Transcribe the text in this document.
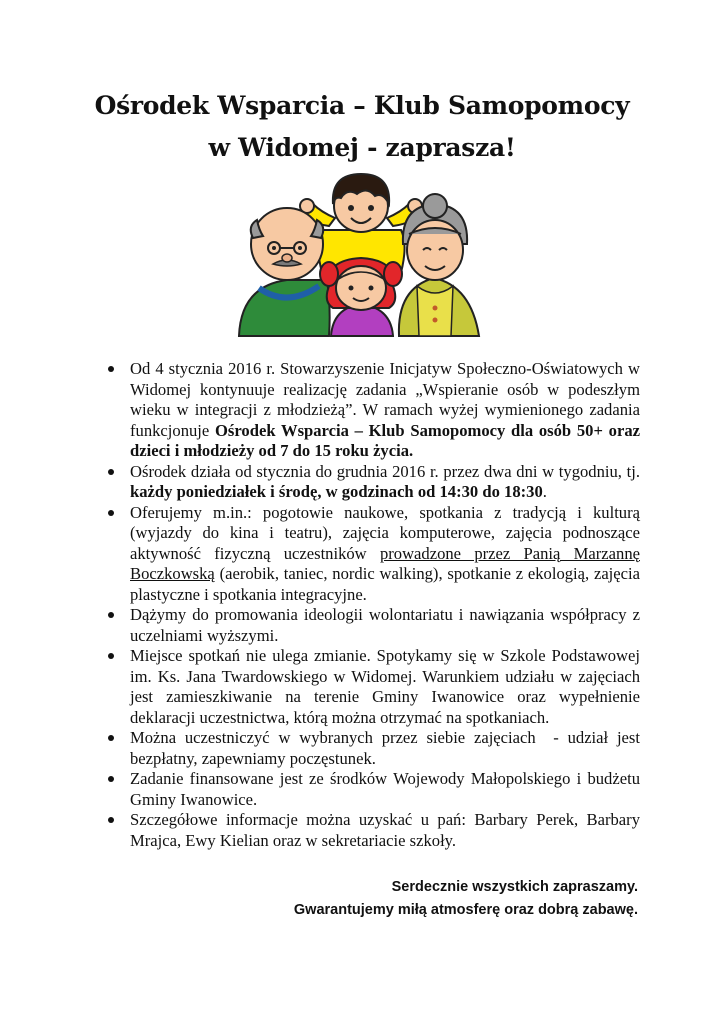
Ośrodek Wsparcia – Klub Samopomocy
w Widomej - zaprasza!
Od 4 stycznia 2016 r. Stowarzyszenie Inicjatyw Społeczno-Oświatowych w Widomej kontynuuje realizację zadania „Wspieranie osób w podeszłym wieku w integracji z młodzieżą”. W ramach wyżej wymienionego zadania funkcjonuje Ośrodek Wsparcia – Klub Samopomocy dla osób 50+ oraz dzieci i młodzieży od 7 do 15 roku życia.
Ośrodek działa od stycznia do grudnia 2016 r. przez dwa dni w tygodniu, tj. każdy poniedziałek i środę, w godzinach od 14:30 do 18:30.
Oferujemy m.in.: pogotowie naukowe, spotkania z tradycją i kulturą (wyjazdy do kina i teatru), zajęcia komputerowe, zajęcia podnoszące aktywność fizyczną uczestników prowadzone przez Panią Marzannę Boczkowską (aerobik, taniec, nordic walking), spotkanie z ekologią, zajęcia plastyczne i spotkania integracyjne.
Dążymy do promowania ideologii wolontariatu i nawiązania współpracy z uczelniami wyższymi.
Miejsce spotkań nie ulega zmianie. Spotykamy się w Szkole Podstawowej im. Ks. Jana Twardowskiego w Widomej. Warunkiem udziału w zajęciach jest zamieszkiwanie na terenie Gminy Iwanowice oraz wypełnienie deklaracji uczestnictwa, którą można otrzymać na spotkaniach.
Można uczestniczyć w wybranych przez siebie zajęciach  - udział jest bezpłatny, zapewniamy poczęstunek.
Zadanie finansowane jest ze środków Wojewody Małopolskiego i budżetu Gminy Iwanowice.
Szczegółowe informacje można uzyskać u pań: Barbary Perek, Barbary Mrajca, Ewy Kielian oraz w sekretariacie szkoły.
Serdecznie wszystkich zapraszamy.
Gwarantujemy miłą atmosferę oraz dobrą zabawę.
